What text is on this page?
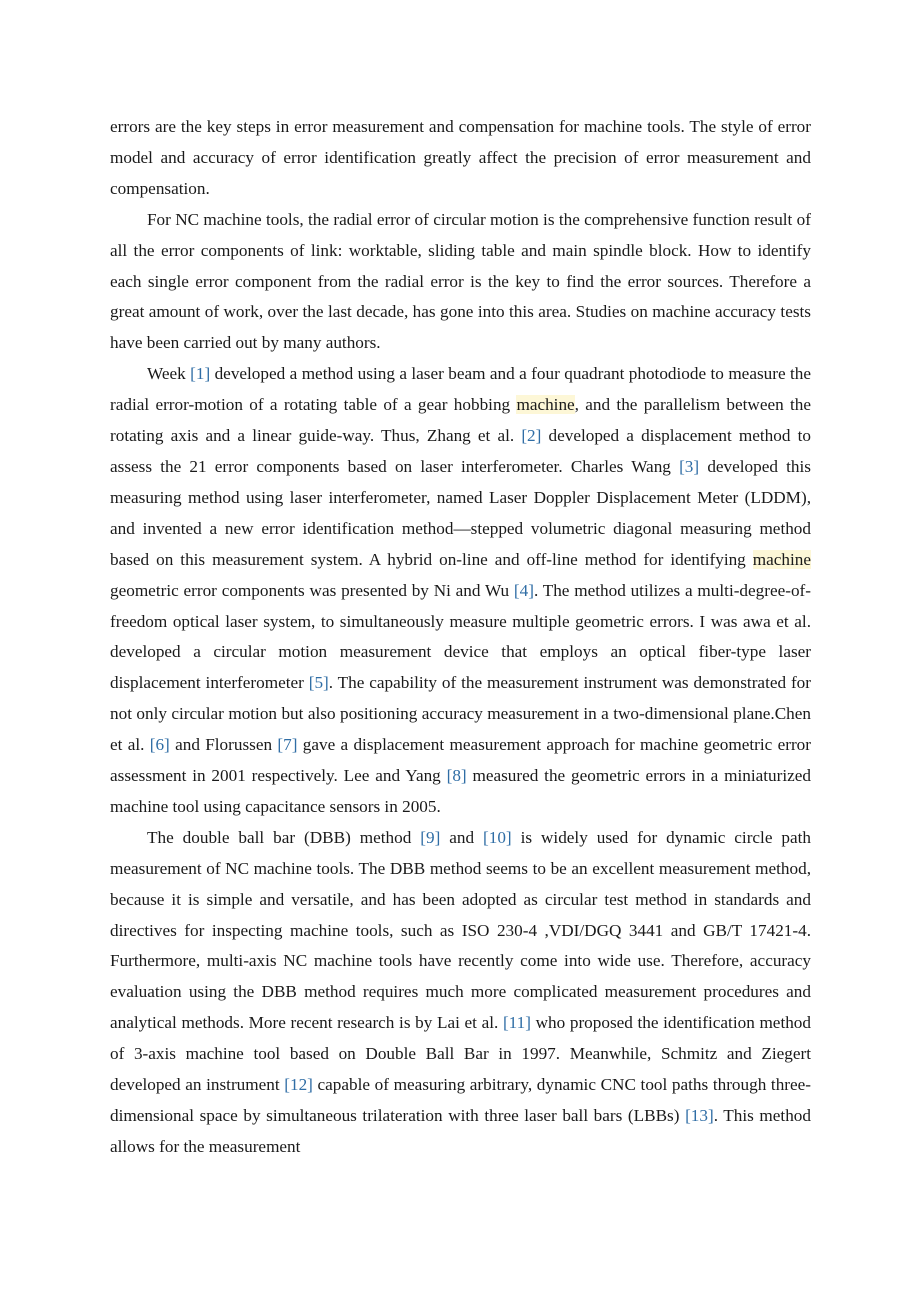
errors are the key steps in error measurement and compensation for machine tools. The style of error model and accuracy of error identification greatly affect the precision of error measurement and compensation.

For NC machine tools, the radial error of circular motion is the comprehensive function result of all the error components of link: worktable, sliding table and main spindle block. How to identify each single error component from the radial error is the key to find the error sources. Therefore a great amount of work, over the last decade, has gone into this area. Studies on machine accuracy tests have been carried out by many authors.

Week [1] developed a method using a laser beam and a four quadrant photodiode to measure the radial error-motion of a rotating table of a gear hobbing machine, and the parallelism between the rotating axis and a linear guide-way. Thus, Zhang et al. [2] developed a displacement method to assess the 21 error components based on laser interferometer. Charles Wang [3] developed this measuring method using laser interferometer, named Laser Doppler Displacement Meter (LDDM), and invented a new error identification method—stepped volumetric diagonal measuring method based on this measurement system. A hybrid on-line and off-line method for identifying machine geometric error components was presented by Ni and Wu [4]. The method utilizes a multi-degree-of-freedom optical laser system, to simultaneously measure multiple geometric errors. I was awa et al. developed a circular motion measurement device that employs an optical fiber-type laser displacement interferometer [5]. The capability of the measurement instrument was demonstrated for not only circular motion but also positioning accuracy measurement in a two-dimensional plane.Chen et al. [6] and Florussen [7] gave a displacement measurement approach for machine geometric error assessment in 2001 respectively. Lee and Yang [8] measured the geometric errors in a miniaturized machine tool using capacitance sensors in 2005.

The double ball bar (DBB) method [9] and [10] is widely used for dynamic circle path measurement of NC machine tools. The DBB method seems to be an excellent measurement method, because it is simple and versatile, and has been adopted as circular test method in standards and directives for inspecting machine tools, such as ISO 230-4 ,VDI/DGQ 3441 and GB/T 17421-4. Furthermore, multi-axis NC machine tools have recently come into wide use. Therefore, accuracy evaluation using the DBB method requires much more complicated measurement procedures and analytical methods. More recent research is by Lai et al. [11] who proposed the identification method of 3-axis machine tool based on Double Ball Bar in 1997. Meanwhile, Schmitz and Ziegert developed an instrument [12] capable of measuring arbitrary, dynamic CNC tool paths through three-dimensional space by simultaneous trilateration with three laser ball bars (LBBs) [13]. This method allows for the measurement
